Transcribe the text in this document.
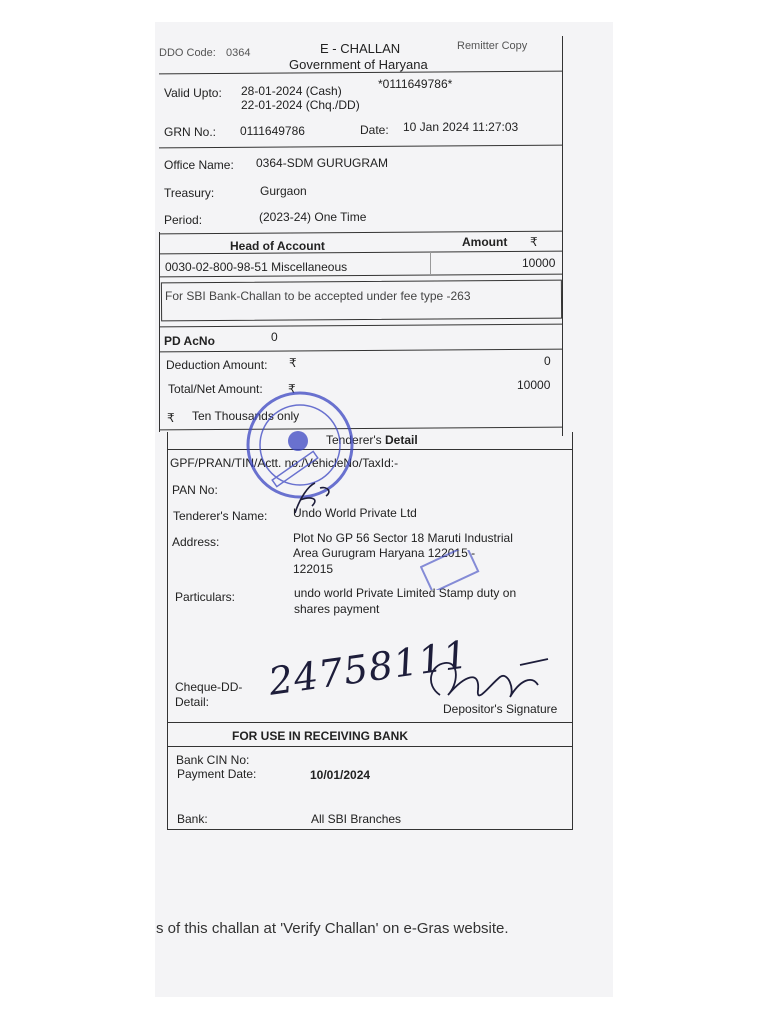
DDO Code: 0364	E - CHALLAN
Government of Haryana
Remitter Copy
Valid Upto: 28-01-2024 (Cash)
22-01-2024 (Chq./DD)
*0111649786*
GRN No.: 0111649786	Date: 10 Jan 2024 11:27:03
Office Name: 0364-SDM GURUGRAM
Treasury:	Gurgaon
Period:	(2023-24) One Time
Head of Account	Amount ₹
0030-02-800-98-51 Miscellaneous	10000
For SBI Bank-Challan to be accepted under fee type -263
PD AcNo	0
Deduction Amount: ₹	0
Total/Net Amount: ₹	10000
₹ Ten Thousands only
Tenderer's Detail
GPF/PRAN/TIN/Actt. no./VehicleNo/TaxId:-
PAN No:
Tenderer's Name: Undo World Private Ltd
Address:	Plot No GP 56 Sector 18 Maruti Industrial
Area Gurugram Haryana 122015 -
122015
Particulars:	undo world Private Limited Stamp duty on
shares payment
Cheque-DD-
Detail: 24758111
Depositor's Signature
FOR USE IN RECEIVING BANK
Bank CIN No:
Payment Date:	10/01/2024
Bank:	All SBI Branches
s of this challan at 'Verify Challan' on e-Gras website.
